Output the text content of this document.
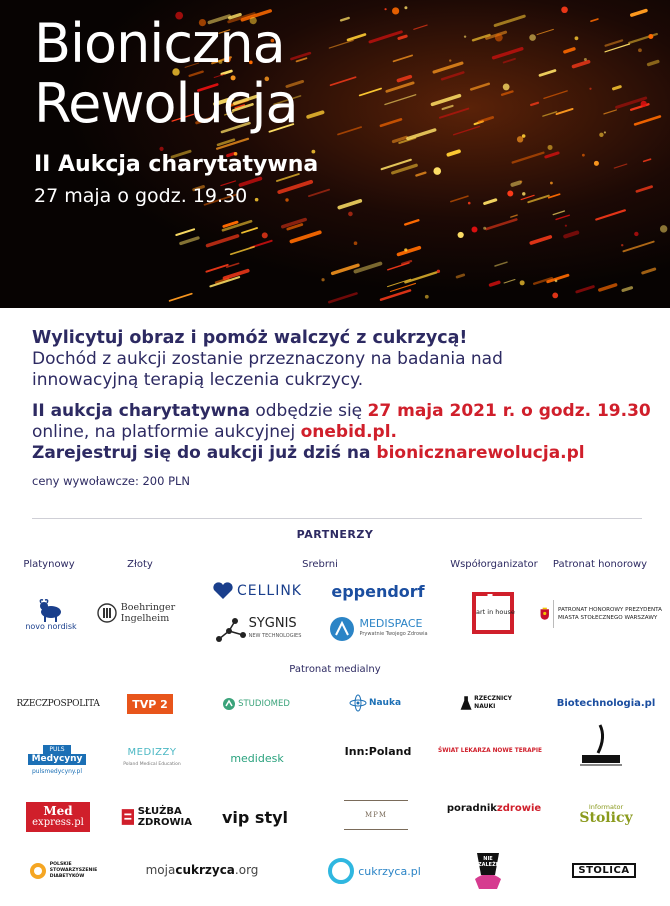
Bioniczna
Rewolucja
II Aukcja charytatywna
27 maja o godz. 19.30
Wylicytuj obraz i pomóż walczyć z cukrzycą!
Dochód z aukcji zostanie przeznaczony na badania nad
innowacyjną terapią leczenia cukrzycy.
II aukcja charytatywna odbędzie się 27 maja 2021 r. o godz. 19.30
online, na platformie aukcyjnej onebid.pl.
Zarejestruj się do aukcji już dziś na bionicznarewolucja.pl
ceny wywoławcze: 200 PLN
PARTNERZY
Platynowy	Złoty	Srebrni	Współorganizator	Patronat honorowy
novo nordisk
Boehringer
Ingelheim
CELLINK eppendorf
SYGNIS
NEW TECHNOLOGIES
MEDISPACE
Prywatnie Twojego Zdrowia
art in house	PATRONAT HONOROWY PREZYDENTA
MIASTA STOŁECZNEGO WARSZAWY
Patronat medialny
RZECZPOSPOLITA	TVP 2	STUDIOMED	Nauka	RZECZNICY
NAUKI	Biotechnologia.pl
PULS
Medycyny
pulsmedycyny.pl
MEDIZZY
Poland Medical Education	medidesk
Inn:Poland	ŚWIAT LEKARZA NOWE TERAPIE
Med
express.pl
SŁUŻBA
ZDROWIA vip styl	MPM
poradnik zdrowie	Informator
Stolicy
POLSKIE
STOWARZYSZENIE
DIABETYKÓW	moja cukrzyca .org	cukrzyca.pl
NIE ZALEŻNI	STOLICA
